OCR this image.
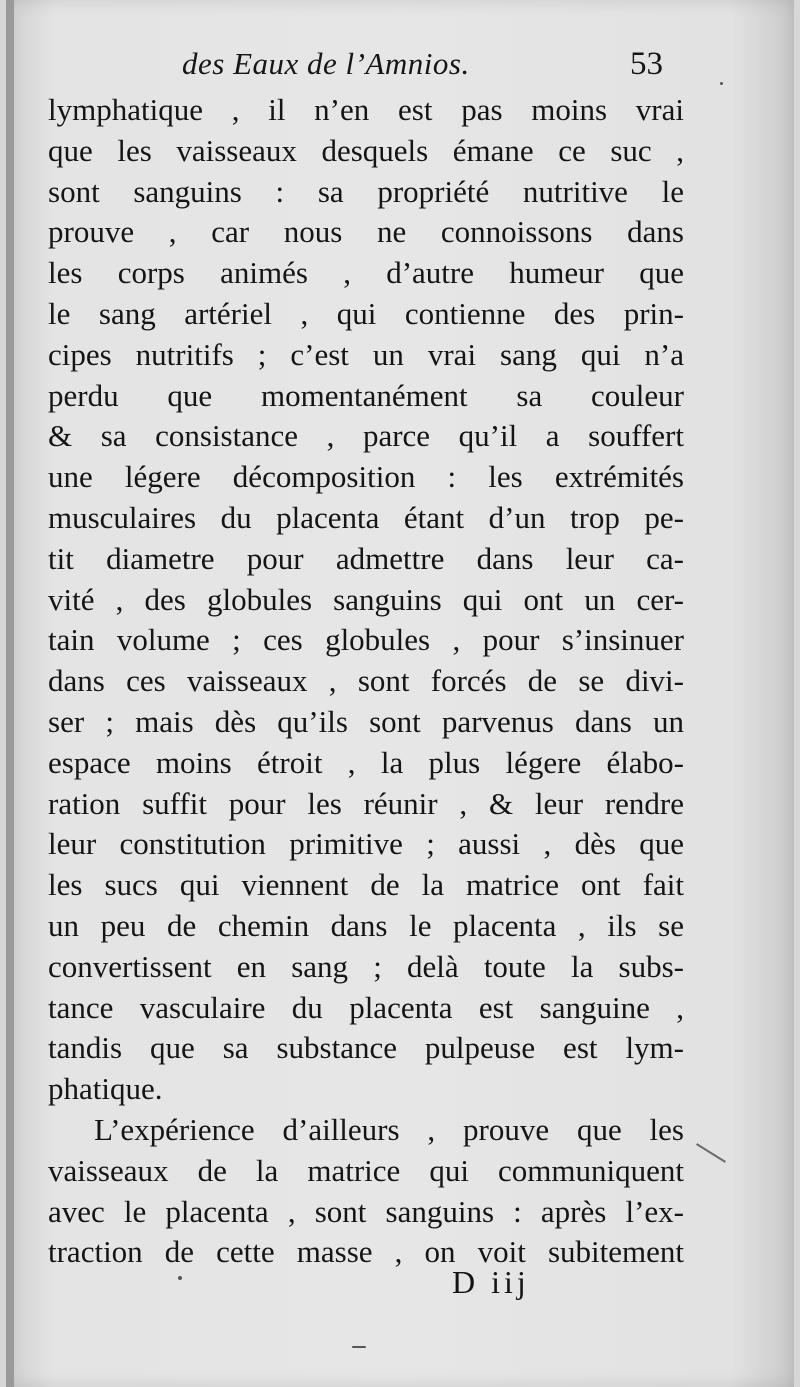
des Eaux de l’Amnios.	53
lymphatique , il n’en est pas moins vrai
que les vaisseaux desquels émane ce suc ,
sont sanguins : sa propriété nutritive le
prouve , car nous ne connoissons dans
les corps animés , d’autre humeur que
le sang artériel , qui contienne des prin-
cipes nutritifs ; c’est un vrai sang qui n’a
perdu que momentanément sa couleur
& sa consistance , parce qu’il a souffert
une légere décomposition : les extrémités
musculaires du placenta étant d’un trop pe-
tit diametre pour admettre dans leur ca-
vité , des globules sanguins qui ont un cer-
tain volume ; ces globules , pour s’insinuer
dans ces vaisseaux , sont forcés de se divi-
ser ; mais dès qu’ils sont parvenus dans un
espace moins étroit , la plus légere élabo-
ration suffit pour les réunir , & leur rendre
leur constitution primitive ; aussi , dès que
les sucs qui viennent de la matrice ont fait
un peu de chemin dans le placenta , ils se
convertissent en sang ; delà toute la subs-
tance vasculaire du placenta est sanguine ,
tandis que sa substance pulpeuse est lym-
phatique.
L’expérience d’ailleurs , prouve que les
vaisseaux de la matrice qui communiquent
avec le placenta , sont sanguins : après l’ex-
traction de cette masse , on voit subitement
D iij
